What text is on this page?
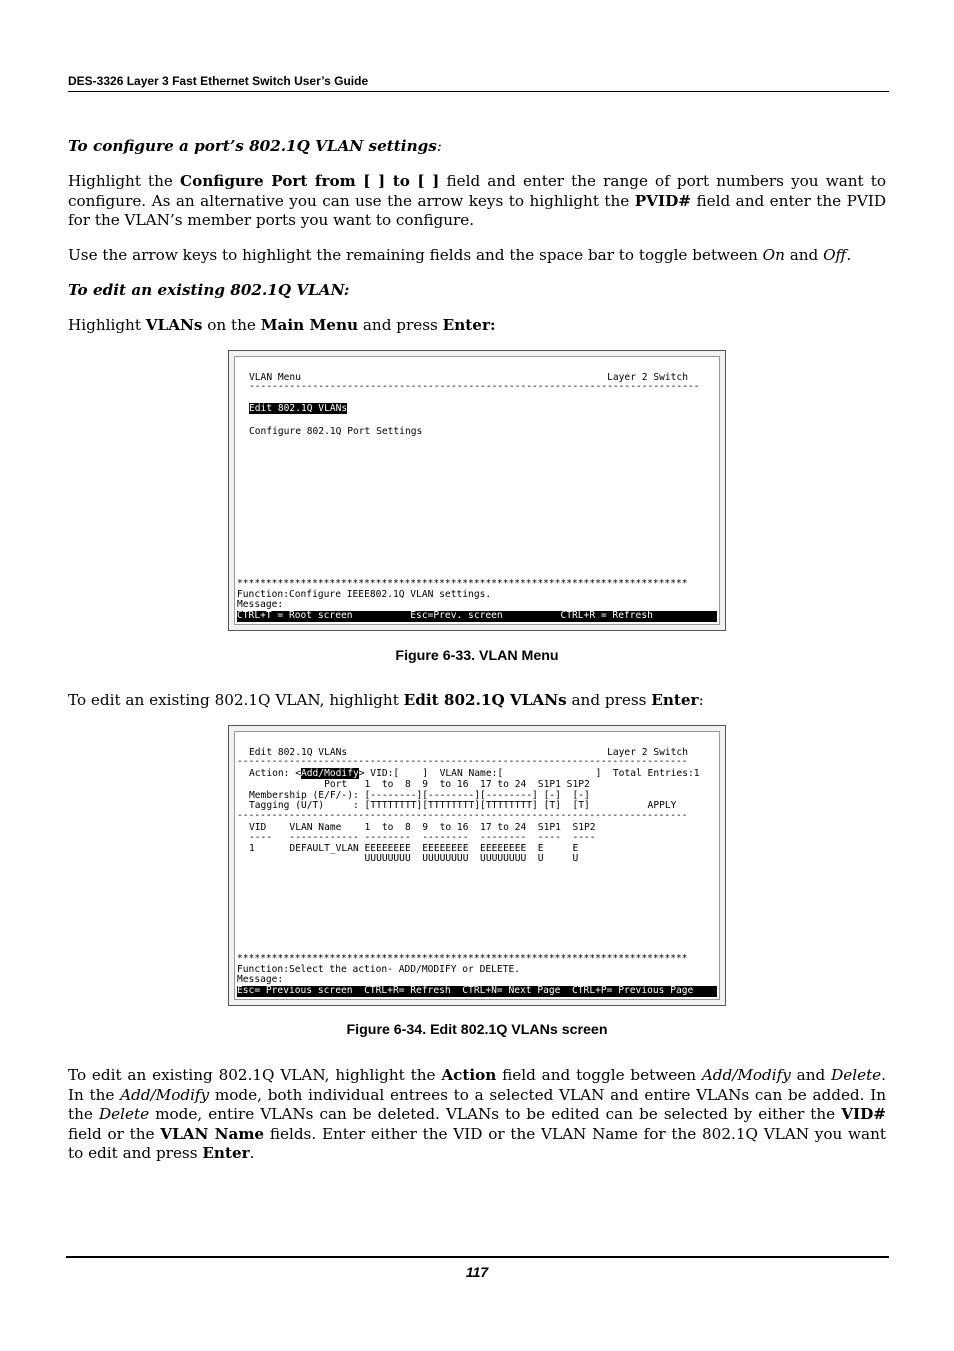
DES-3326 Layer 3 Fast Ethernet Switch User’s Guide
To configure a port’s 802.1Q VLAN settings:
Highlight the Configure Port from [ ] to [ ] field and enter the range of port numbers you want to configure. As an alternative you can use the arrow keys to highlight the PVID# field and enter the PVID for the VLAN’s member ports you want to configure.
Use the arrow keys to highlight the remaining fields and the space bar to toggle between On and Off.
To edit an existing 802.1Q VLAN:
Highlight VLANs on the Main Menu and press Enter:
VLAN Menu                                                     Layer 2 Switch
------------------------------------------------------------------------------
Edit 802.1Q VLANs
Configure 802.1Q Port Settings
******************************************************************************
Function:Configure IEEE802.1Q VLAN settings.
Message:
CTRL+T = Root screen          Esc=Prev. screen          CTRL+R = Refresh
Figure 6-33. VLAN Menu
To edit an existing 802.1Q VLAN, highlight Edit 802.1Q VLANs and press Enter:
Edit 802.1Q VLANs                                             Layer 2 Switch
------------------------------------------------------------------------------
Action: <Add/Modify> VID:[    ]  VLAN Name:[                ]  Total Entries:1
Port   1  to  8  9  to 16  17 to 24  S1P1 S1P2
Membership (E/F/-): [--------][--------][--------] [-]  [-]
Tagging (U/T)     : [TTTTTTTT][TTTTTTTT][TTTTTTTT] [T]  [T]          APPLY
------------------------------------------------------------------------------
VID    VLAN Name    1  to  8  9  to 16  17 to 24  S1P1  S1P2
----   ------------ --------  --------  --------  ----  ----
1      DEFAULT_VLAN EEEEEEEE  EEEEEEEE  EEEEEEEE  E     E
UUUUUUUU  UUUUUUUU  UUUUUUUU  U     U
******************************************************************************
Function:Select the action- ADD/MODIFY or DELETE.
Message:
Esc= Previous screen  CTRL+R= Refresh  CTRL+N= Next Page  CTRL+P= Previous Page
Figure 6-34. Edit 802.1Q VLANs screen
To edit an existing 802.1Q VLAN, highlight the Action field and toggle between Add/Modify and Delete. In the Add/Modify mode, both individual entrees to a selected VLAN and entire VLANs can be added. In the Delete mode, entire VLANs can be deleted. VLANs to be edited can be selected by either the VID# field or the VLAN Name fields. Enter either the VID or the VLAN Name for the 802.1Q VLAN you want to edit and press Enter.
117
